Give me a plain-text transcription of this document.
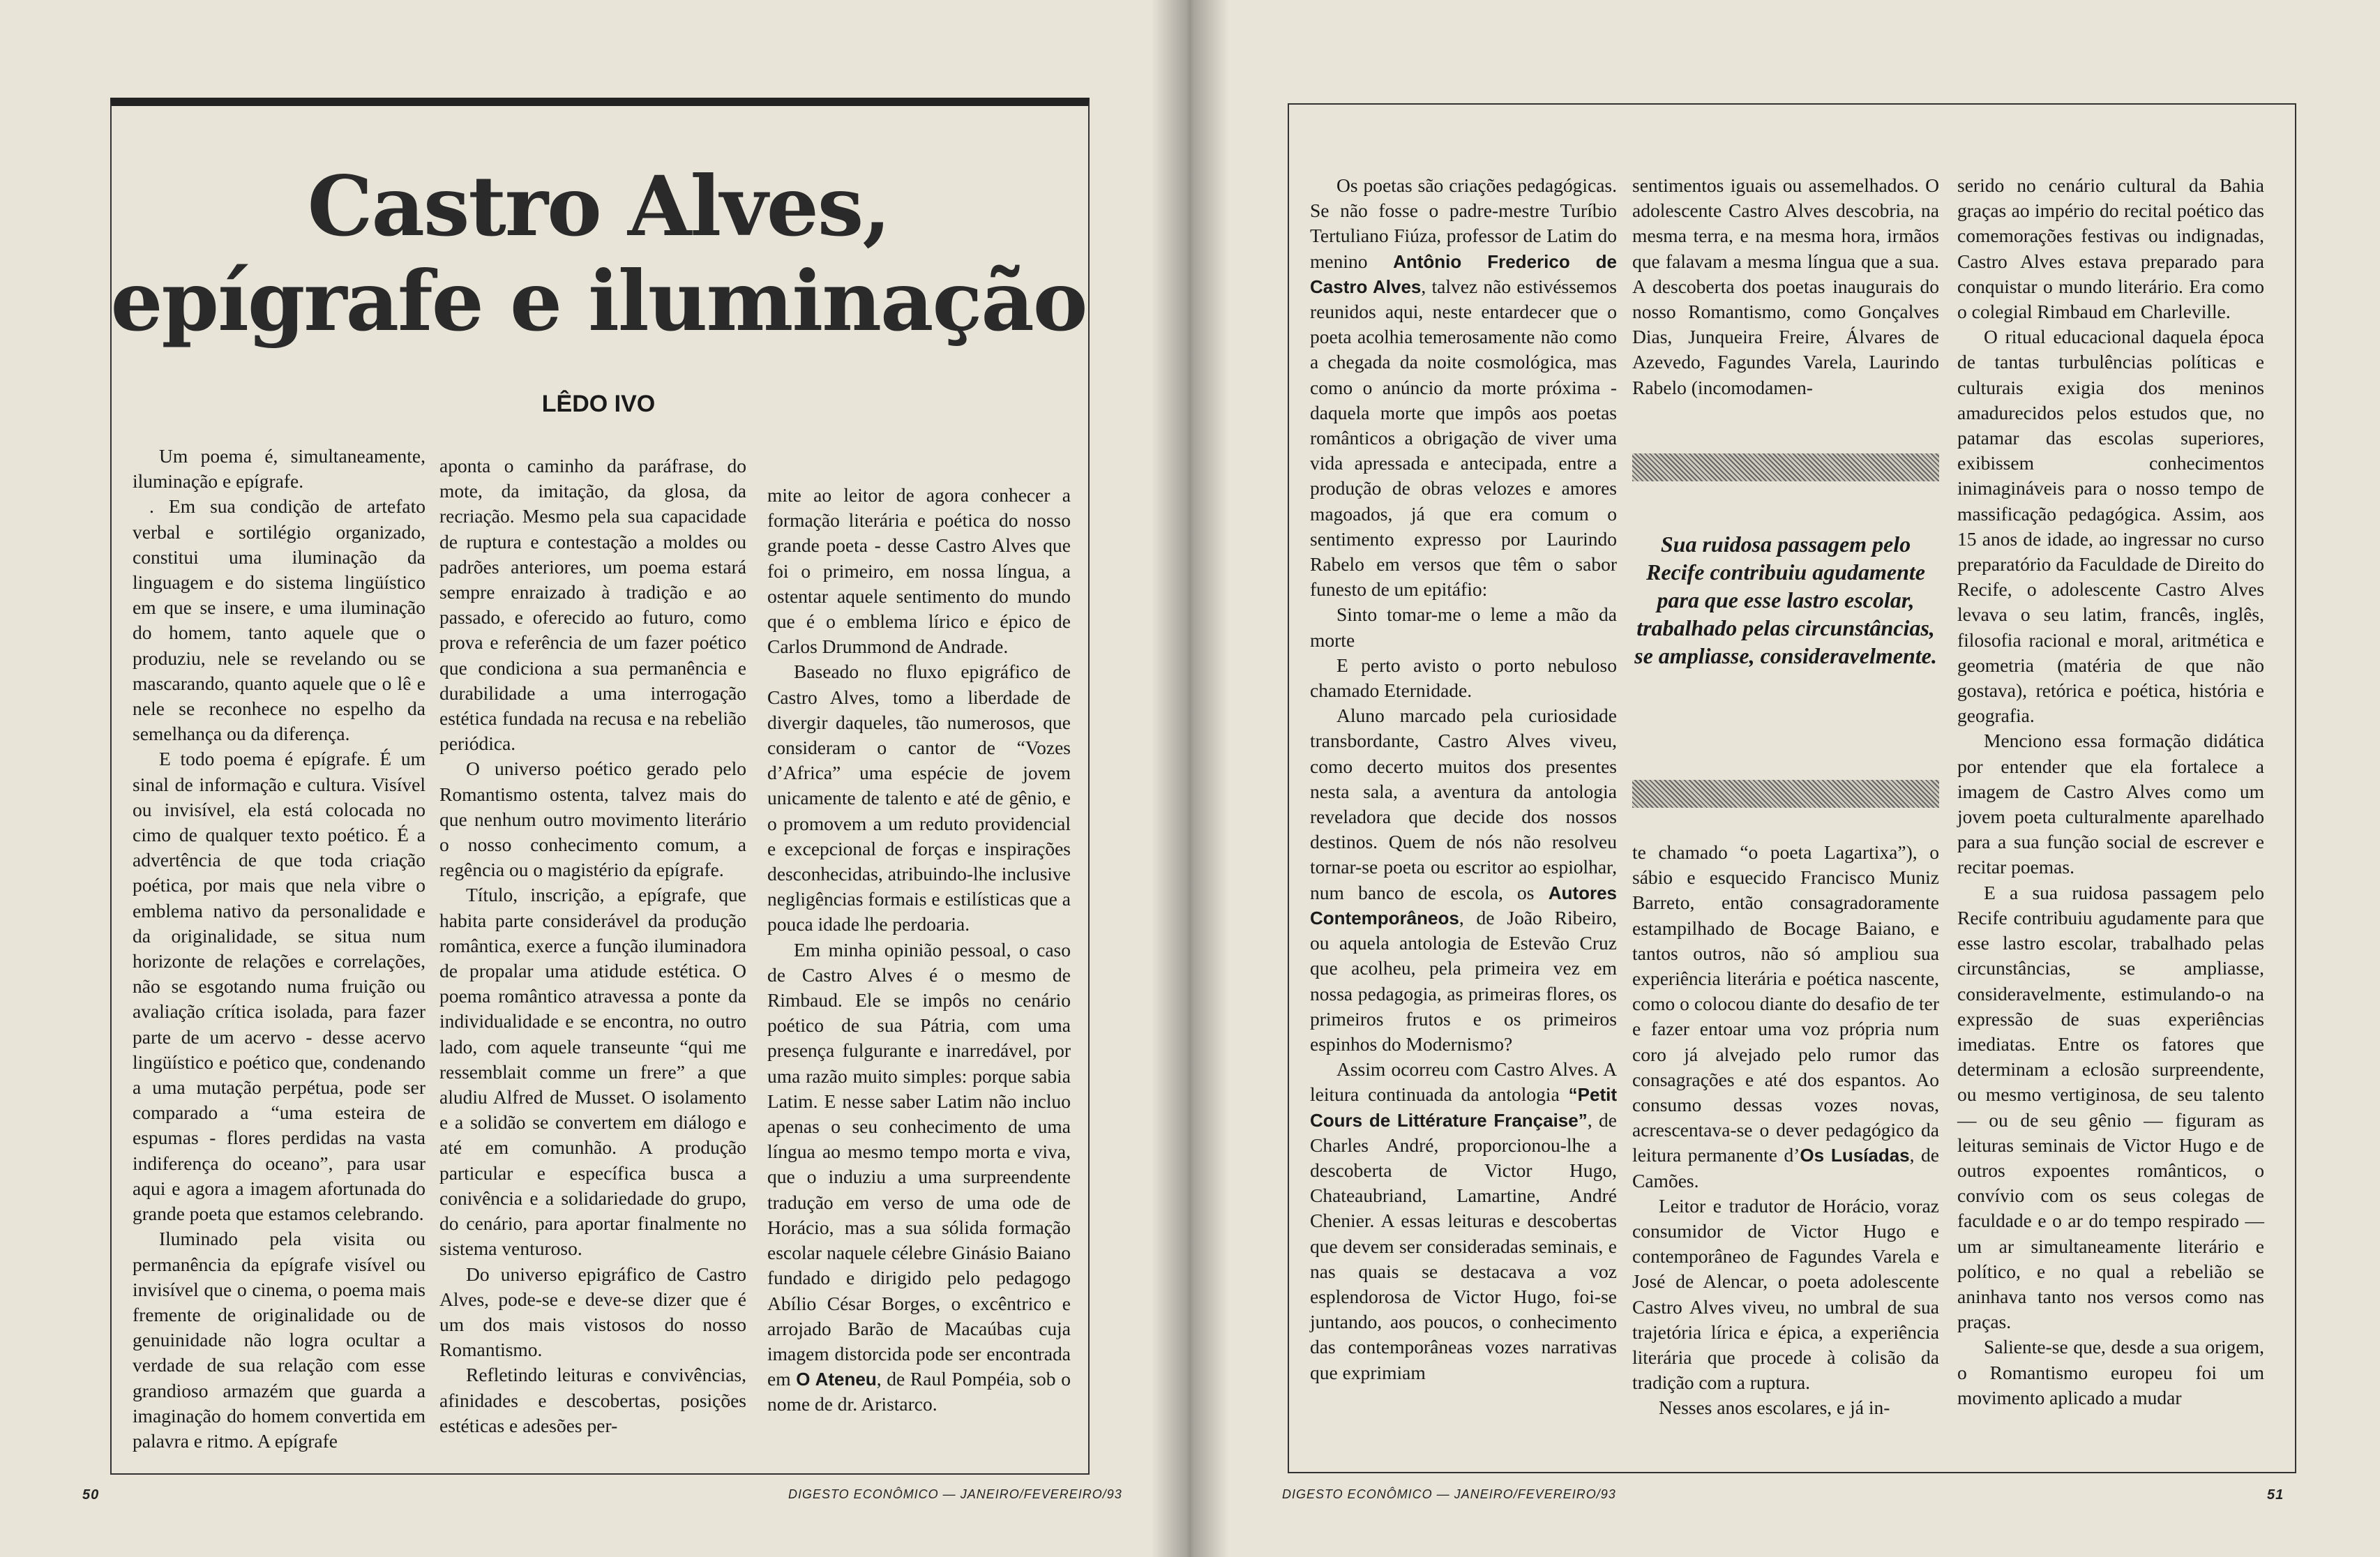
Castro Alves,
epígrafe e iluminação
LÊDO IVO

Um poema é, simultaneamente, iluminação e epígrafe.

. Em sua condição de artefato verbal e sortilégio organizado, constitui uma iluminação da linguagem e do sistema lingüístico em que se insere, e uma iluminação do homem, tanto aquele que o produziu, nele se revelando ou se mascarando, quanto aquele que o lê e nele se reconhece no espelho da semelhança ou da diferença.

E todo poema é epígrafe. É um sinal de informação e cultura. Visível ou invisível, ela está colocada no cimo de qualquer texto poético. É a advertência de que toda criação poética, por mais que nela vibre o emblema nativo da personalidade e da originalidade, se situa num horizonte de relações e correlações, não se esgotando numa fruição ou avaliação crítica isolada, para fazer parte de um acervo - desse acervo lingüístico e poético que, condenando a uma mutação perpétua, pode ser comparado a “uma esteira de espumas - flores perdidas na vasta indiferença do oceano”, para usar aqui e agora a imagem afortunada do grande poeta que estamos celebrando.

Iluminado pela visita ou permanência da epígrafe visível ou invisível que o cinema, o poema mais fremente de originalidade ou de genuinidade não logra ocultar a verdade de sua relação com esse grandioso armazém que guarda a imaginação do homem convertida em palavra e ritmo. A epígrafe

aponta o caminho da paráfrase, do mote, da imitação, da glosa, da recriação. Mesmo pela sua capacidade de ruptura e contestação a moldes ou padrões anteriores, um poema estará sempre enraizado à tradição e ao passado, e oferecido ao futuro, como prova e referência de um fazer poético que condiciona a sua permanência e durabilidade a uma interrogação estética fundada na recusa e na rebelião periódica.

O universo poético gerado pelo Romantismo ostenta, talvez mais do que nenhum outro movimento literário o nosso conhecimento comum, a regência ou o magistério da epígrafe.

Título, inscrição, a epígrafe, que habita parte considerável da produção romântica, exerce a função iluminadora de propalar uma atidude estética. O poema romântico atravessa a ponte da individualidade e se encontra, no outro lado, com aquele transeunte “qui me ressemblait comme un frere” a que aludiu Alfred de Musset. O isolamento e a solidão se convertem em diálogo e até em comunhão. A produção particular e específica busca a conivência e a solidariedade do grupo, do cenário, para aportar finalmente no sistema venturoso.

Do universo epigráfico de Castro Alves, pode-se e deve-se dizer que é um dos mais vistosos do nosso Romantismo.

Refletindo leituras e convivências, afinidades e descobertas, posições estéticas e adesões per-

mite ao leitor de agora conhecer a formação literária e poética do nosso grande poeta - desse Castro Alves que foi o primeiro, em nossa língua, a ostentar aquele sentimento do mundo que é o emblema lírico e épico de Carlos Drummond de Andrade.

Baseado no fluxo epigráfico de Castro Alves, tomo a liberdade de divergir daqueles, tão numerosos, que consideram o cantor de “Vozes d’Africa” uma espécie de jovem unicamente de talento e até de gênio, e o promovem a um reduto providencial e excepcional de forças e inspirações desconhecidas, atribuindo-lhe inclusive negligências formais e estilísticas que a pouca idade lhe perdoaria.

Em minha opinião pessoal, o caso de Castro Alves é o mesmo de Rimbaud. Ele se impôs no cenário poético de sua Pátria, com uma presença fulgurante e inarredável, por uma razão muito simples: porque sabia Latim. E nesse saber Latim não incluo apenas o seu conhecimento de uma língua ao mesmo tempo morta e viva, que o induziu a uma surpreendente tradução em verso de uma ode de Horácio, mas a sua sólida formação escolar naquele célebre Ginásio Baiano fundado e dirigido pelo pedagogo Abílio César Borges, o excêntrico e arrojado Barão de Macaúbas cuja imagem distorcida pode ser encontrada em O Ateneu, de Raul Pompéia, sob o nome de dr. Aristarco.

50	DIGESTO ECONÔMICO — JANEIRO/FEVEREIRO/93

Os poetas são criações pedagógicas. Se não fosse o padre-mestre Turíbio Tertuliano Fiúza, professor de Latim do menino Antônio Frederico de Castro Alves, talvez não estivéssemos reunidos aqui, neste entardecer que o poeta acolhia temerosamente não como a chegada da noite cosmológica, mas como o anúncio da morte próxima - daquela morte que impôs aos poetas românticos a obrigação de viver uma vida apressada e antecipada, entre a produção de obras velozes e amores magoados, já que era comum o sentimento expresso por Laurindo Rabelo em versos que têm o sabor funesto de um epitáfio:

Sinto tomar-me o leme a mão da morte

E perto avisto o porto nebuloso chamado Eternidade.

Aluno marcado pela curiosidade transbordante, Castro Alves viveu, como decerto muitos dos presentes nesta sala, a aventura da antologia reveladora que decide dos nossos destinos. Quem de nós não resolveu tornar-se poeta ou escritor ao espiolhar, num banco de escola, os Autores Contemporâneos, de João Ribeiro, ou aquela antologia de Estevão Cruz que acolheu, pela primeira vez em nossa pedagogia, as primeiras flores, os primeiros frutos e os primeiros espinhos do Modernismo?

Assim ocorreu com Castro Alves. A leitura continuada da antologia “Petit Cours de Littérature Française”, de Charles André, proporcionou-lhe a descoberta de Victor Hugo, Chateaubriand, Lamartine, André Chenier. A essas leituras e descobertas que devem ser consideradas seminais, e nas quais se destacava a voz esplendorosa de Victor Hugo, foi-se juntando, aos poucos, o conhecimento das contemporâneas vozes narrativas que exprimiam

sentimentos iguais ou assemelhados. O adolescente Castro Alves descobria, na mesma terra, e na mesma hora, irmãos que falavam a mesma língua que a sua. A descoberta dos poetas inaugurais do nosso Romantismo, como Gonçalves Dias, Junqueira Freire, Álvares de Azevedo, Fagundes Varela, Laurindo Rabelo (incomodamen-

Sua ruidosa passagem pelo Recife contribuiu agudamente para que esse lastro escolar, trabalhado pelas circunstâncias, se ampliasse, consideravelmente.

te chamado “o poeta Lagartixa”), o sábio e esquecido Francisco Muniz Barreto, então consagradoramente estampilhado de Bocage Baiano, e tantos outros, não só ampliou sua experiência literária e poética nascente, como o colocou diante do desafio de ter e fazer entoar uma voz própria num coro já alvejado pelo rumor das consagrações e até dos espantos. Ao consumo dessas vozes novas, acrescentava-se o dever pedagógico da leitura permanente d’Os Lusíadas, de Camões.

Leitor e tradutor de Horácio, voraz consumidor de Victor Hugo e contemporâneo de Fagundes Varela e José de Alencar, o poeta adolescente Castro Alves viveu, no umbral de sua trajetória lírica e épica, a experiência literária que procede à colisão da tradição com a ruptura.

Nesses anos escolares, e já in-

serido no cenário cultural da Bahia graças ao império do recital poético das comemorações festivas ou indignadas, Castro Alves estava preparado para conquistar o mundo literário. Era como o colegial Rimbaud em Charleville.

O ritual educacional daquela época de tantas turbulências políticas e culturais exigia dos meninos amadurecidos pelos estudos que, no patamar das escolas superiores, exibissem conhecimentos inimagináveis para o nosso tempo de massificação pedagógica. Assim, aos 15 anos de idade, ao ingressar no curso preparatório da Faculdade de Direito do Recife, o adolescente Castro Alves levava o seu latim, francês, inglês, filosofia racional e moral, aritmética e geometria (matéria de que não gostava), retórica e poética, história e geografia.

Menciono essa formação didática por entender que ela fortalece a imagem de Castro Alves como um jovem poeta culturalmente aparelhado para a sua função social de escrever e recitar poemas.

E a sua ruidosa passagem pelo Recife contribuiu agudamente para que esse lastro escolar, trabalhado pelas circunstâncias, se ampliasse, consideravelmente, estimulando-o na expressão de suas experiências imediatas. Entre os fatores que determinam a eclosão surpreendente, ou mesmo vertiginosa, de seu talento — ou de seu gênio — figuram as leituras seminais de Victor Hugo e de outros expoentes românticos, o convívio com os seus colegas de faculdade e o ar do tempo respirado — um ar simultaneamente literário e político, e no qual a rebelião se aninhava tanto nos versos como nas praças.

Saliente-se que, desde a sua origem, o Romantismo europeu foi um movimento aplicado a mudar

DIGESTO ECONÔMICO — JANEIRO/FEVEREIRO/93	51
